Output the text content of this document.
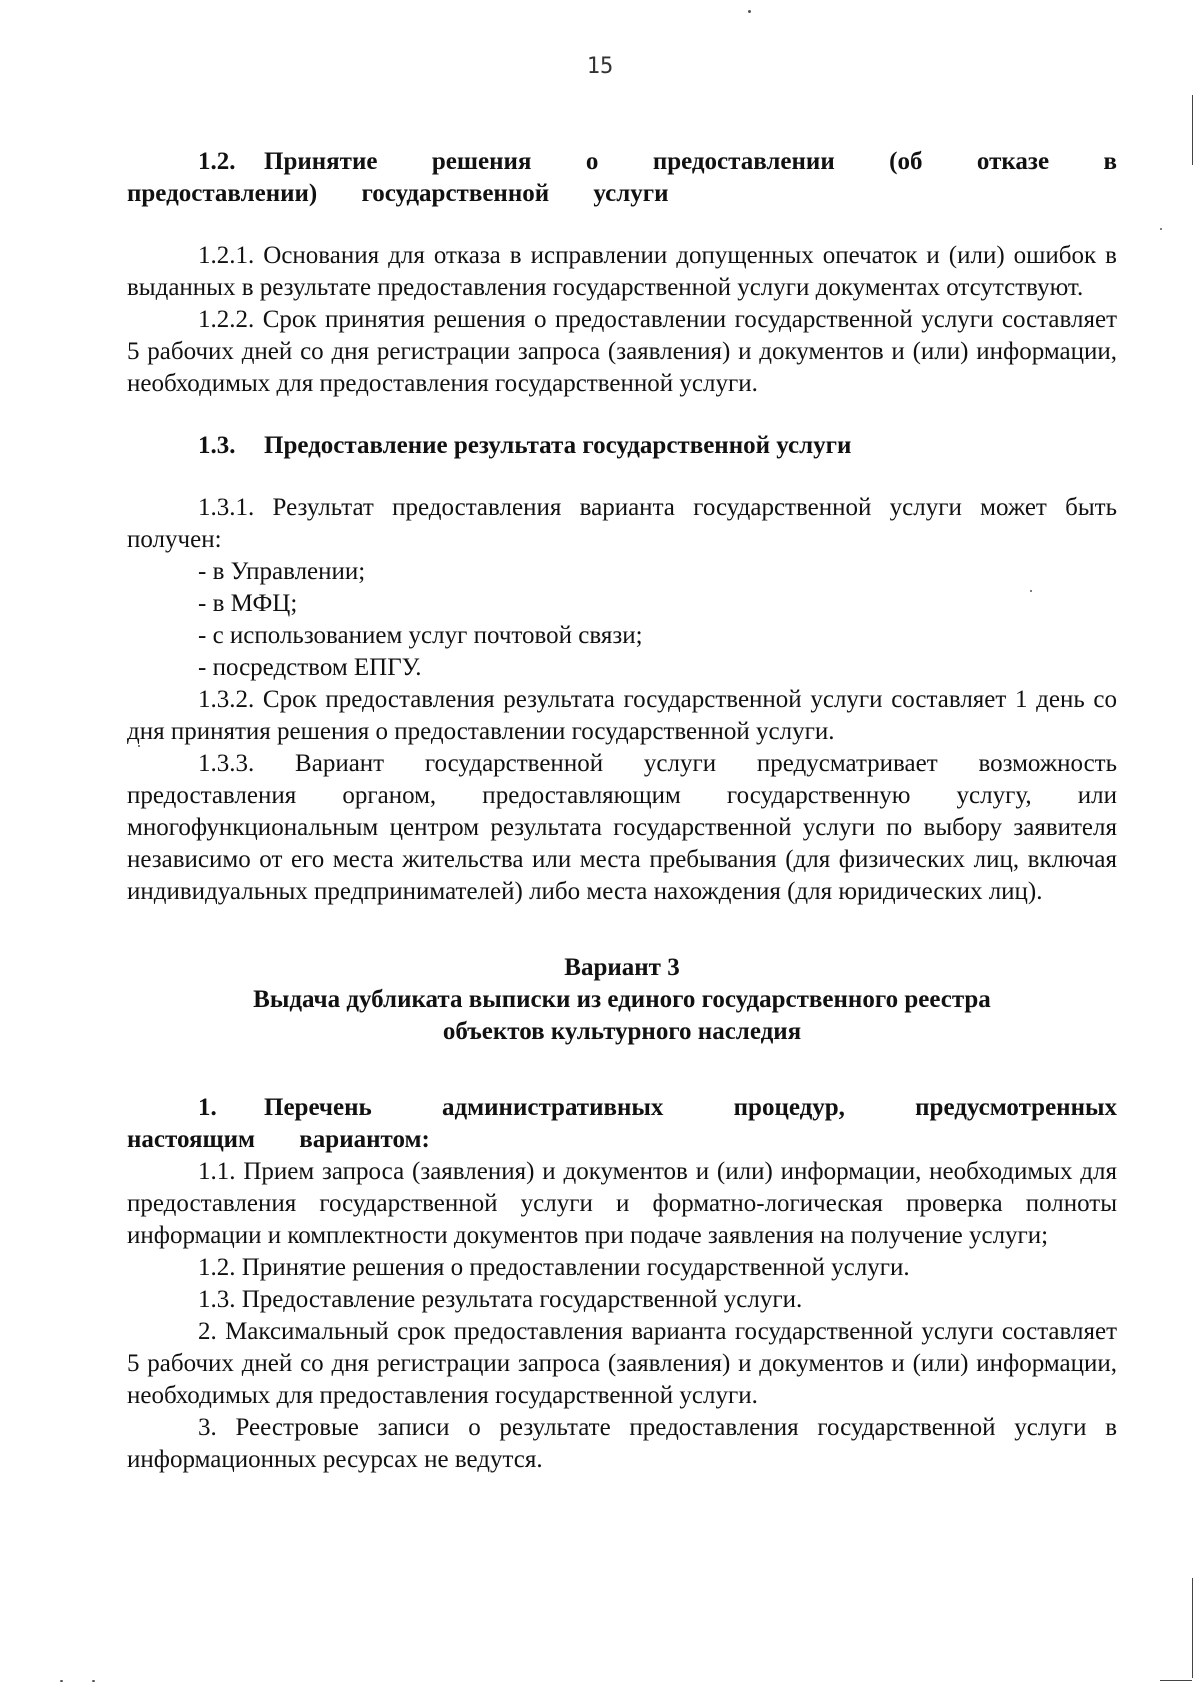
15

1.2. Принятие решения о предоставлении (об отказе в предоставлении) государственной услуги

1.2.1. Основания для отказа в исправлении допущенных опечаток и (или) ошибок в выданных в результате предоставления государственной услуги документах отсутствуют.

1.2.2. Срок принятия решения о предоставлении государственной услуги составляет 5 рабочих дней со дня регистрации запроса (заявления) и документов и (или) информации, необходимых для предоставления государственной услуги.

1.3. Предоставление результата государственной услуги

1.3.1. Результат предоставления варианта государственной услуги может быть получен:

- в Управлении;

- в МФЦ;

- с использованием услуг почтовой связи;

- посредством ЕПГУ.

1.3.2. Срок предоставления результата государственной услуги составляет 1 день со дня принятия решения о предоставлении государственной услуги.

1.3.3. Вариант государственной услуги предусматривает возможность предоставления органом, предоставляющим государственную услугу, или многофункциональным центром результата государственной услуги по выбору заявителя независимо от его места жительства или места пребывания (для физических лиц, включая индивидуальных предпринимателей) либо места нахождения (для юридических лиц).

Вариант 3

Выдача дубликата выписки из единого государственного реестра

объектов культурного наследия

1. Перечень административных процедур, предусмотренных настоящим вариантом:

1.1. Прием запроса (заявления) и документов и (или) информации, необходимых для предоставления государственной услуги и форматно-логическая проверка полноты информации и комплектности документов при подаче заявления на получение услуги;

1.2. Принятие решения о предоставлении государственной услуги.

1.3. Предоставление результата государственной услуги.

2. Максимальный срок предоставления варианта государственной услуги составляет 5 рабочих дней со дня регистрации запроса (заявления) и документов и (или) информации, необходимых для предоставления государственной услуги.

3. Реестровые записи о результате предоставления государственной услуги в информационных ресурсах не ведутся.
